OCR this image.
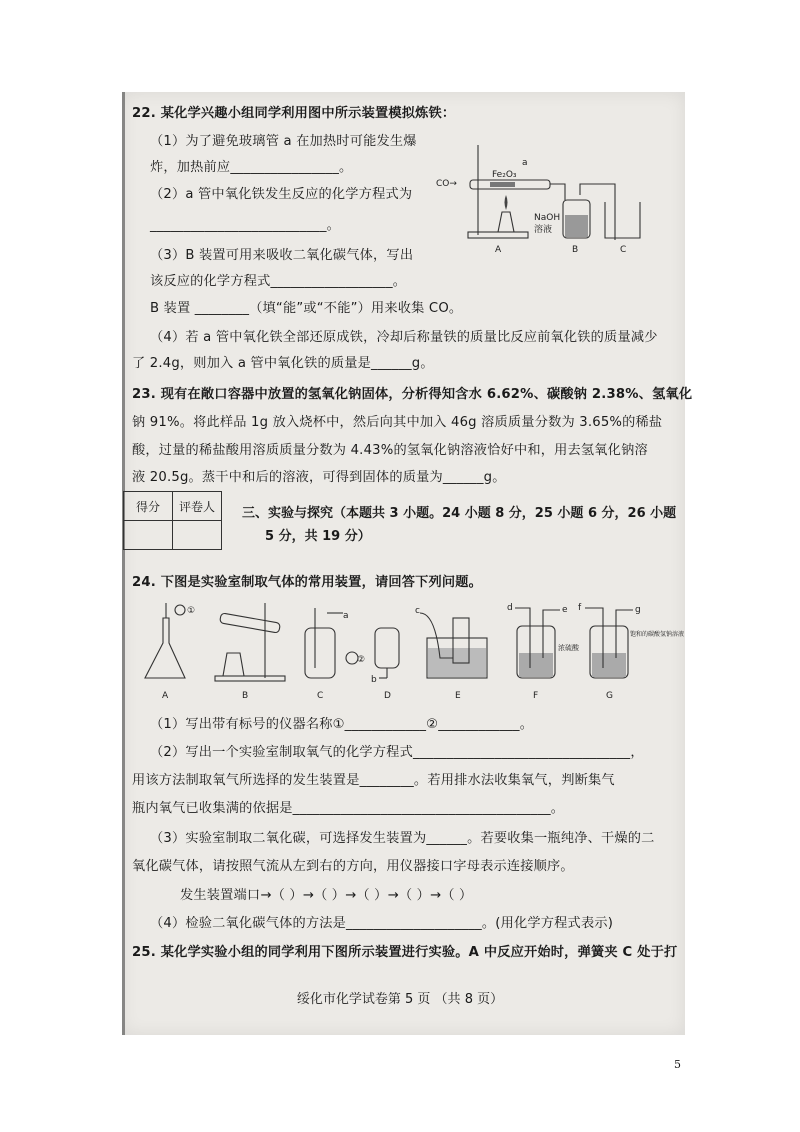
22. 某化学兴趣小组同学利用图中所示装置模拟炼铁：
（1）为了避免玻璃管 a 在加热时可能发生爆
炸，加热前应________________。
（2）a 管中氧化铁发生反应的化学方程式为
__________________________。
（3）B 装置可用来吸收二氧化碳气体，写出
该反应的化学方程式__________________。
B 装置 ________（填“能”或“不能”）用来收集 CO。
（4）若 a 管中氧化铁全部还原成铁，冷却后称量铁的质量比反应前氧化铁的质量减少
了 2.4g，则加入 a 管中氧化铁的质量是______g。
CO→
Fe₂O₃
a
NaOH
溶液
A	B	C
23. 现有在敞口容器中放置的氢氧化钠固体，分析得知含水 6.62%、碳酸钠 2.38%、氢氧化
钠 91%。将此样品 1g 放入烧杯中，然后向其中加入 46g 溶质质量分数为 3.65%的稀盐
酸，过量的稀盐酸用溶质质量分数为 4.43%的氢氧化钠溶液恰好中和，用去氢氧化钠溶
液 20.5g。蒸干中和后的溶液，可得到固体的质量为______g。
得分	评卷人
	三、实验与探究（本题共 3 小题。24 小题 8 分，25 小题 6 分，26 小题
5 分，共 19 分）
24. 下图是实验室制取气体的常用装置，请回答下列问题。
①
②
a
b
c	d	e f	g
浓硫酸
饱和的碳酸氢钠溶液
A	B	C	D	E	F	G
（1）写出带有标号的仪器名称①____________②____________。
（2）写出一个实验室制取氧气的化学方程式________________________________，
用该方法制取氧气所选择的发生装置是________。若用排水法收集氧气，判断集气
瓶内氧气已收集满的依据是______________________________________。
（3）实验室制取二氧化碳，可选择发生装置为______。若要收集一瓶纯净、干燥的二
氧化碳气体，请按照气流从左到右的方向，用仪器接口字母表示连接顺序。
发生装置端口→（ ）→（ ）→（ ）→（ ）→（ ）
（4）检验二氧化碳气体的方法是____________________。(用化学方程式表示)
25. 某化学实验小组的同学利用下图所示装置进行实验。A 中反应开始时，弹簧夹 C 处于打
绥化市化学试卷第 5 页 （共 8 页）
5
